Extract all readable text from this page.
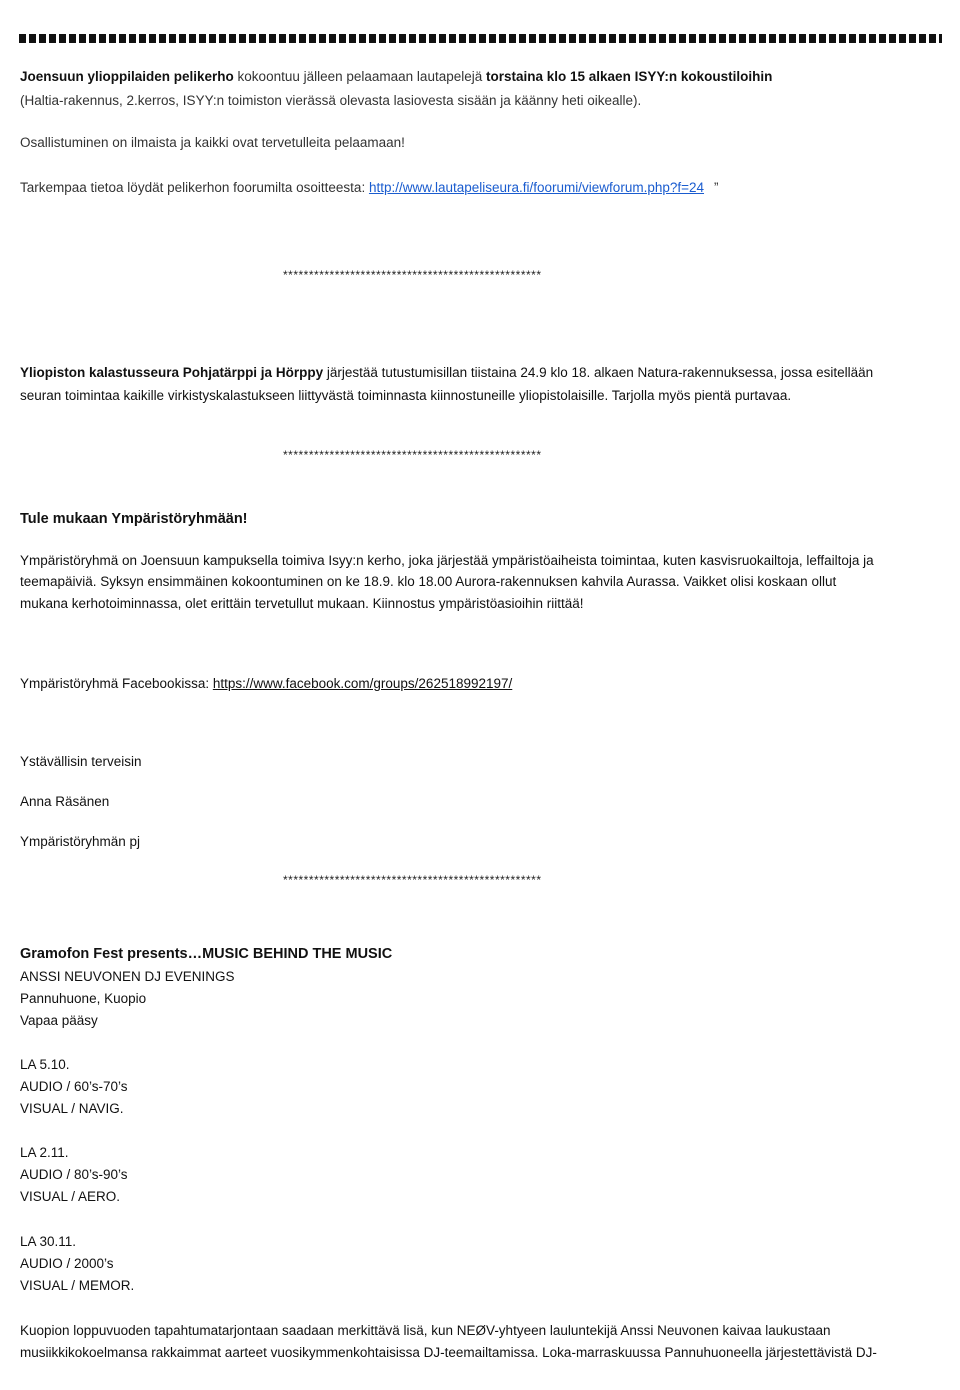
Joensuun ylioppilaiden pelikerho kokoontuu jälleen pelaamaan lautapelejä torstaina klo 15 alkaen ISYY:n kokoustiloihin

(Haltia-rakennus, 2.kerros, ISYY:n toimiston vierässä olevasta lasiovesta sisään ja käänny heti oikealle).

Osallistuminen on ilmaista ja kaikki ovat tervetulleita pelaamaan!

Tarkempaa tietoa löydät pelikerhon foorumilta osoitteesta: http://www.lautapeliseura.fi/foorumi/viewforum.php?f=24 ”

**************************************************

Yliopiston kalastusseura Pohjatärppi ja Hörppy järjestää tutustumisillan tiistaina 24.9 klo 18. alkaen Natura-rakennuksessa, jossa esitellään

seuran toimintaa kaikille virkistyskalastukseen liittyvästä toiminnasta kiinnostuneille yliopistolaisille. Tarjolla myös pientä purtavaa.

**************************************************

Tule mukaan Ympäristöryhmään!

Ympäristöryhmä on Joensuun kampuksella toimiva Isyy:n kerho, joka järjestää ympäristöaiheista toimintaa, kuten kasvisruokailtoja, leffailtoja ja

teemapäiviä. Syksyn ensimmäinen kokoontuminen on ke 18.9. klo 18.00 Aurora-rakennuksen kahvila Aurassa. Vaikket olisi koskaan ollut

mukana kerhotoiminnassa, olet erittäin tervetullut mukaan. Kiinnostus ympäristöasioihin riittää!

Ympäristöryhmä Facebookissa: https://www.facebook.com/groups/262518992197/

Ystävällisin terveisin

Anna Räsänen

Ympäristöryhmän pj

**************************************************

Gramofon Fest presents…MUSIC BEHIND THE MUSIC

ANSSI NEUVONEN DJ EVENINGS

Pannuhuone, Kuopio

Vapaa pääsy

LA 5.10.

AUDIO / 60’s-70’s

VISUAL / NAVIG.

LA 2.11.

AUDIO / 80’s-90’s

VISUAL / AERO.

LA 30.11.

AUDIO / 2000’s

VISUAL / MEMOR.

Kuopion loppuvuoden tapahtumatarjontaan saadaan merkittävä lisä, kun NEØV-yhtyeen lauluntekijä Anssi Neuvonen kaivaa laukustaan

musiikkikokoelmansa rakkaimmat aarteet vuosikymmenkohtaisissa DJ-teemailtamissa. Loka-marraskuussa Pannuhuoneella järjestettävistä DJ-
